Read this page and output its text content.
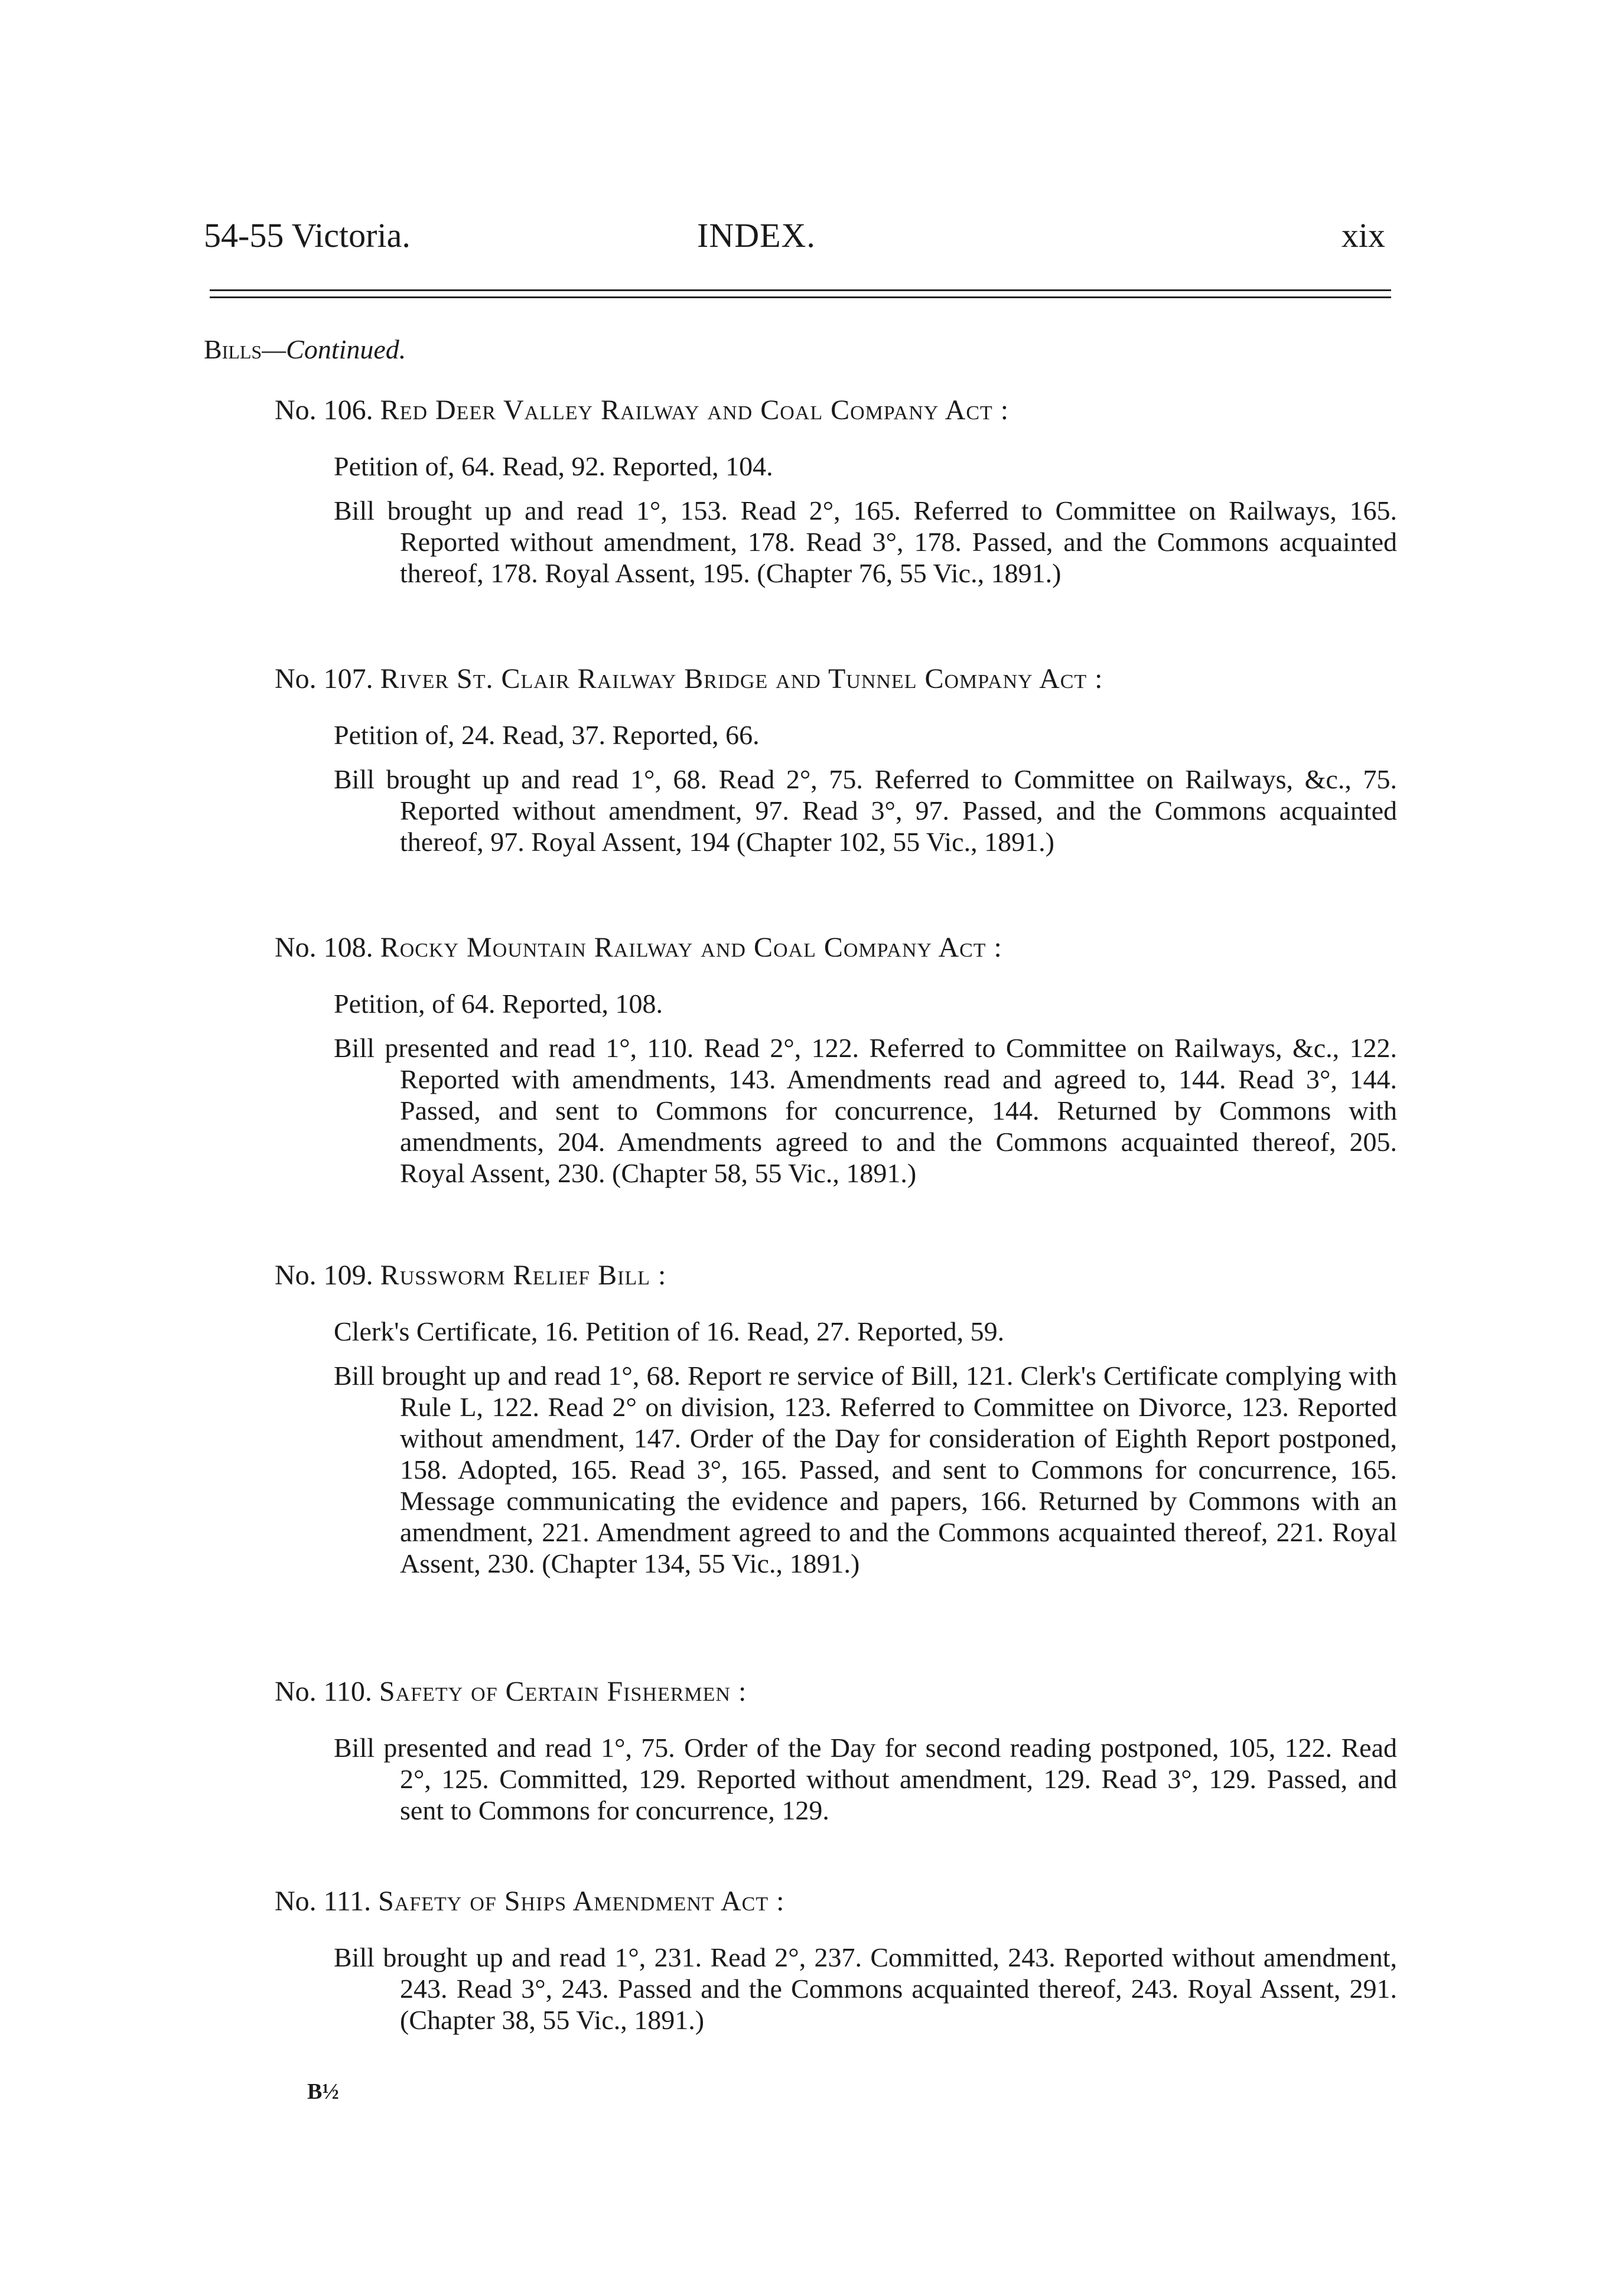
54-55 Victoria.	INDEX.	xix
Bills—Continued.
No. 106. Red Deer Valley Railway and Coal Company Act :
Petition of, 64. Read, 92. Reported, 104.
Bill brought up and read 1°, 153. Read 2°, 165. Referred to Committee on Railways, 165. Reported without amendment, 178. Read 3°, 178. Passed, and the Commons acquainted thereof, 178. Royal Assent, 195. (Chapter 76, 55 Vic., 1891.)
No. 107. River St. Clair Railway Bridge and Tunnel Company Act :
Petition of, 24. Read, 37. Reported, 66.
Bill brought up and read 1°, 68. Read 2°, 75. Referred to Committee on Railways, &c., 75. Reported without amendment, 97. Read 3°, 97. Passed, and the Commons acquainted thereof, 97. Royal Assent, 194 (Chapter 102, 55 Vic., 1891.)
No. 108. Rocky Mountain Railway and Coal Company Act :
Petition, of 64. Reported, 108.
Bill presented and read 1°, 110. Read 2°, 122. Referred to Committee on Railways, &c., 122. Reported with amendments, 143. Amendments read and agreed to, 144. Read 3°, 144. Passed, and sent to Commons for concurrence, 144. Returned by Commons with amendments, 204. Amendments agreed to and the Commons acquainted thereof, 205. Royal Assent, 230. (Chapter 58, 55 Vic., 1891.)
No. 109. Russworm Relief Bill :
Clerk's Certificate, 16. Petition of 16. Read, 27. Reported, 59.
Bill brought up and read 1°, 68. Report re service of Bill, 121. Clerk's Certificate complying with Rule L, 122. Read 2° on division, 123. Referred to Committee on Divorce, 123. Reported without amendment, 147. Order of the Day for consideration of Eighth Report postponed, 158. Adopted, 165. Read 3°, 165. Passed, and sent to Commons for concurrence, 165. Message communicating the evidence and papers, 166. Returned by Commons with an amendment, 221. Amendment agreed to and the Commons acquainted thereof, 221. Royal Assent, 230. (Chapter 134, 55 Vic., 1891.)
No. 110. Safety of Certain Fishermen :
Bill presented and read 1°, 75. Order of the Day for second reading postponed, 105, 122. Read 2°, 125. Committed, 129. Reported without amendment, 129. Read 3°, 129. Passed, and sent to Commons for concurrence, 129.
No. 111. Safety of Ships Amendment Act :
Bill brought up and read 1°, 231. Read 2°, 237. Committed, 243. Reported without amendment, 243. Read 3°, 243. Passed and the Commons acquainted thereof, 243. Royal Assent, 291. (Chapter 38, 55 Vic., 1891.)
B½
